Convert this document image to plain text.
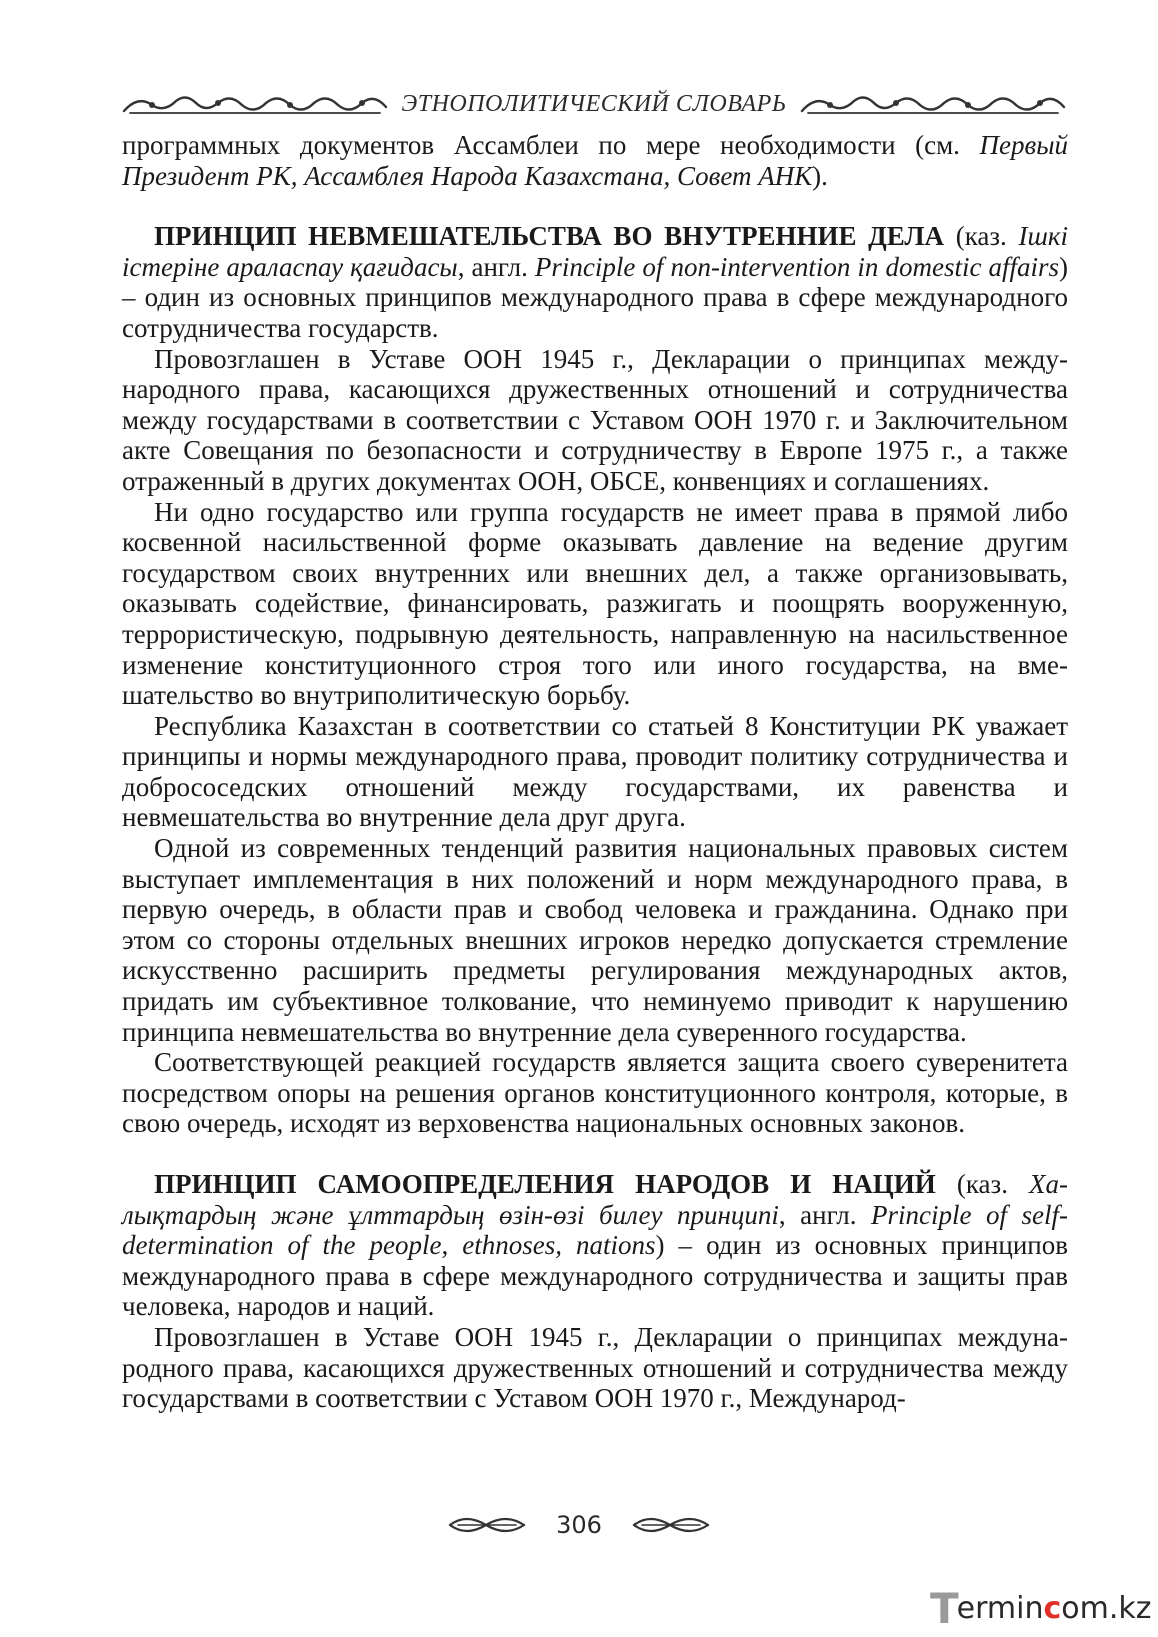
ЭТНОПОЛИТИЧЕСКИЙ СЛОВАРЬ

программных документов Ассамблеи по мере необходимости (см. Первый Президент РК, Ассамблея Народа Казахстана, Совет АНК).

ПРИНЦИП НЕВМЕШАТЕЛЬСТВА ВО ВНУТРЕННИЕ ДЕЛА (каз. Ішкі істеріне араласпау қағидасы, англ. Principle of non-intervention in domestic affairs) – один из основных принципов международного права в сфере международного сотрудничества государств.

Провозглашен в Уставе ООН 1945 г., Декларации о принципах международного права, касающихся дружественных отношений и сотрудничества между государствами в соответствии с Уставом ООН 1970 г. и Заключительном акте Совещания по безопасности и сотрудничеству в Европе 1975 г., а также отраженный в других документах ООН, ОБСЕ, конвенциях и соглашениях.

Ни одно государство или группа государств не имеет права в прямой либо косвенной насильственной форме оказывать давление на ведение другим государством своих внутренних или внешних дел, а также организовывать, оказывать содействие, финансировать, разжигать и поощрять вооруженную, террористическую, подрывную деятельность, направленную на насильственное изменение конституционного строя того или иного государства, на вмешательство во внутриполитическую борьбу.

Республика Казахстан в соответствии со статьей 8 Конституции РК уважает принципы и нормы международного права, проводит политику сотрудничества и добрососедских отношений между государствами, их равенства и невмешательства во внутренние дела друг друга.

Одной из современных тенденций развития национальных правовых систем выступает имплементация в них положений и норм международного права, в первую очередь, в области прав и свобод человека и гражданина. Однако при этом со стороны отдельных внешних игроков нередко допускается стремление искусственно расширить предметы регулирования международных актов, придать им субъективное толкование, что неминуемо приводит к нарушению принципа невмешательства во внутренние дела суверенного государства.

Соответствующей реакцией государств является защита своего суверенитета посредством опоры на решения органов конституционного контроля, которые, в свою очередь, исходят из верховенства национальных основных законов.

ПРИНЦИП САМООПРЕДЕЛЕНИЯ НАРОДОВ И НАЦИЙ (каз. Халықтардың және ұлттардың өзін-өзі билеу принципі, англ. Principle of self-determination of the people, ethnoses, nations) – один из основных принципов международного права в сфере международного сотрудничества и защиты прав человека, народов и наций.

Провозглашен в Уставе ООН 1945 г., Декларации о принципах международного права, касающихся дружественных отношений и сотрудничества между государствами в соответствии с Уставом ООН 1970 г., Международ-

306
T
ermin c o m.kz
